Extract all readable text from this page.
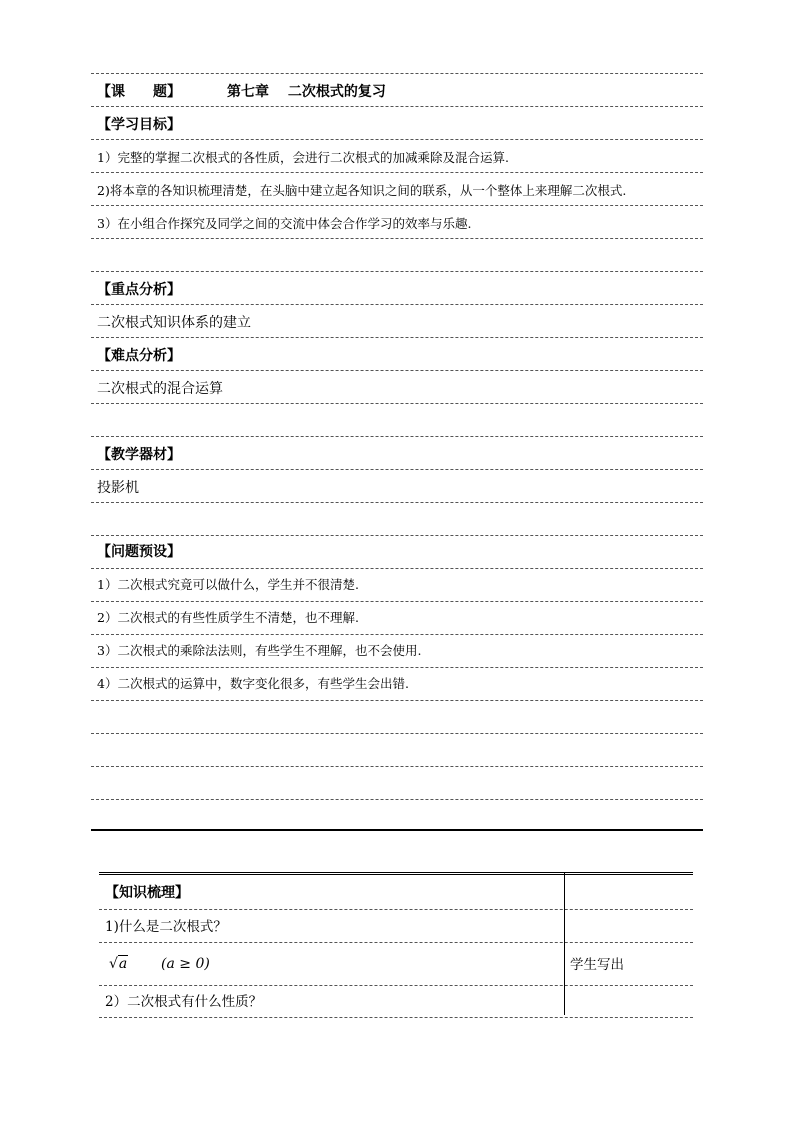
【课　　题】	第七章　 二次根式的复习
【学习目标】
1）完整的掌握二次根式的各性质，会进行二次根式的加减乘除及混合运算.
2)将本章的各知识梳理清楚，在头脑中建立起各知识之间的联系，从一个整体上来理解二次根式.
3）在小组合作探究及同学之间的交流中体会合作学习的效率与乐趣.
【重点分析】
二次根式知识体系的建立
【难点分析】
二次根式的混合运算
【教学器材】
投影机
【问题预设】
1）二次根式究竟可以做什么，学生并不很清楚.
2）二次根式的有些性质学生不清楚，也不理解.
3）二次根式的乘除法法则，有些学生不理解，也不会使用.
4）二次根式的运算中，数字变化很多，有些学生会出错.
【知识梳理】
1)什么是二次根式？
√a (a ≥ 0)	学生写出
2）二次根式有什么性质？
